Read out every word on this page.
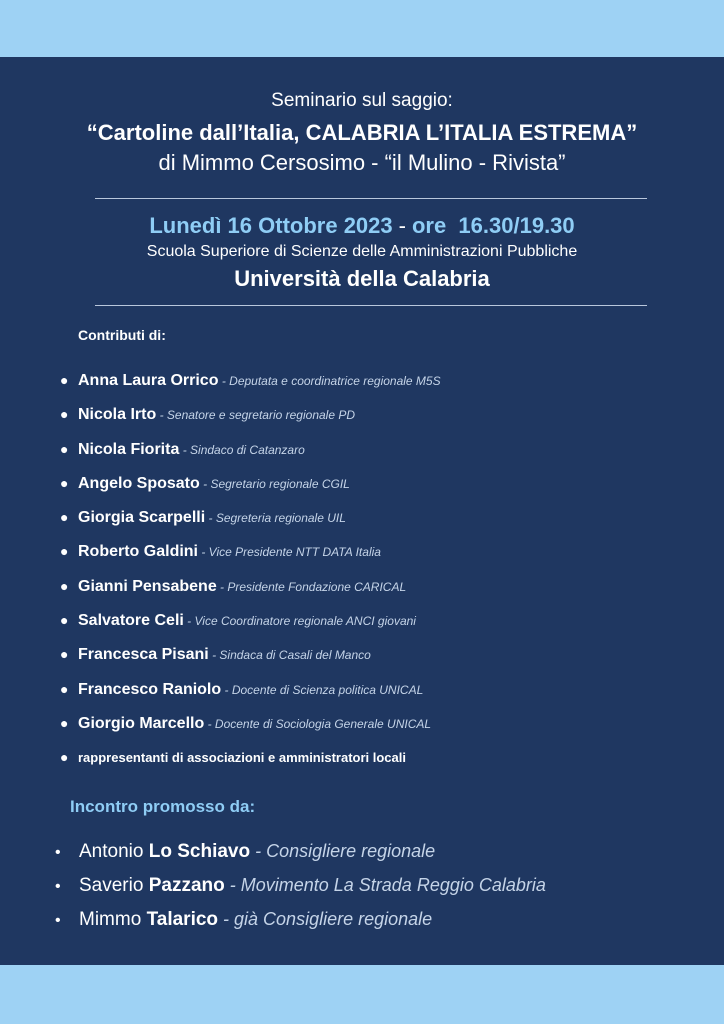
Seminario sul saggio:
“Cartoline dall’Italia, CALABRIA L’ITALIA ESTREMA”
di Mimmo Cersosimo - “il Mulino - Rivista”
Lunedì 16 Ottobre 2023 - ore  16.30/19.30
Scuola Superiore di Scienze delle Amministrazioni Pubbliche
Università della Calabria
Contributi di:
● Anna Laura Orrico - Deputata e coordinatrice regionale M5S
● Nicola Irto - Senatore e segretario regionale PD
● Nicola Fiorita - Sindaco di Catanzaro
● Angelo Sposato - Segretario regionale CGIL
● Giorgia Scarpelli - Segreteria regionale UIL
● Roberto Galdini - Vice Presidente NTT DATA Italia
● Gianni Pensabene - Presidente Fondazione CARICAL
● Salvatore Celi - Vice Coordinatore regionale ANCI giovani
● Francesca Pisani - Sindaca di Casali del Manco
● Francesco Raniolo - Docente di Scienza politica UNICAL
● Giorgio Marcello - Docente di Sociologia Generale UNICAL
● rappresentanti di associazioni e amministratori locali
Incontro promosso da:
• Antonio Lo Schiavo - Consigliere regionale
• Saverio Pazzano - Movimento La Strada Reggio Calabria
• Mimmo Talarico - già Consigliere regionale
